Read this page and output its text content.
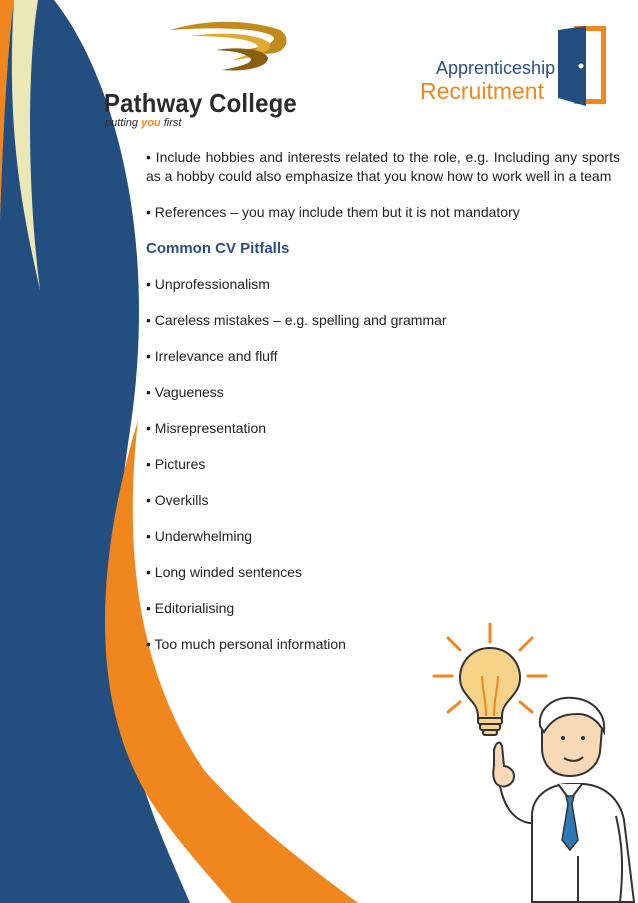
Pathway College
putting you first
Apprenticeship
Recruitment

• Include hobbies and interests related to the role, e.g. Including any sports as a hobby could also emphasize that you know how to work well in a team

• References – you may include them but it is not mandatory

Common CV Pitfalls

• Unprofessionalism

• Careless mistakes – e.g. spelling and grammar

• Irrelevance and fluff

• Vagueness

• Misrepresentation

• Pictures

• Overkills

• Underwhelming

• Long winded sentences

• Editorialising

• Too much personal information
